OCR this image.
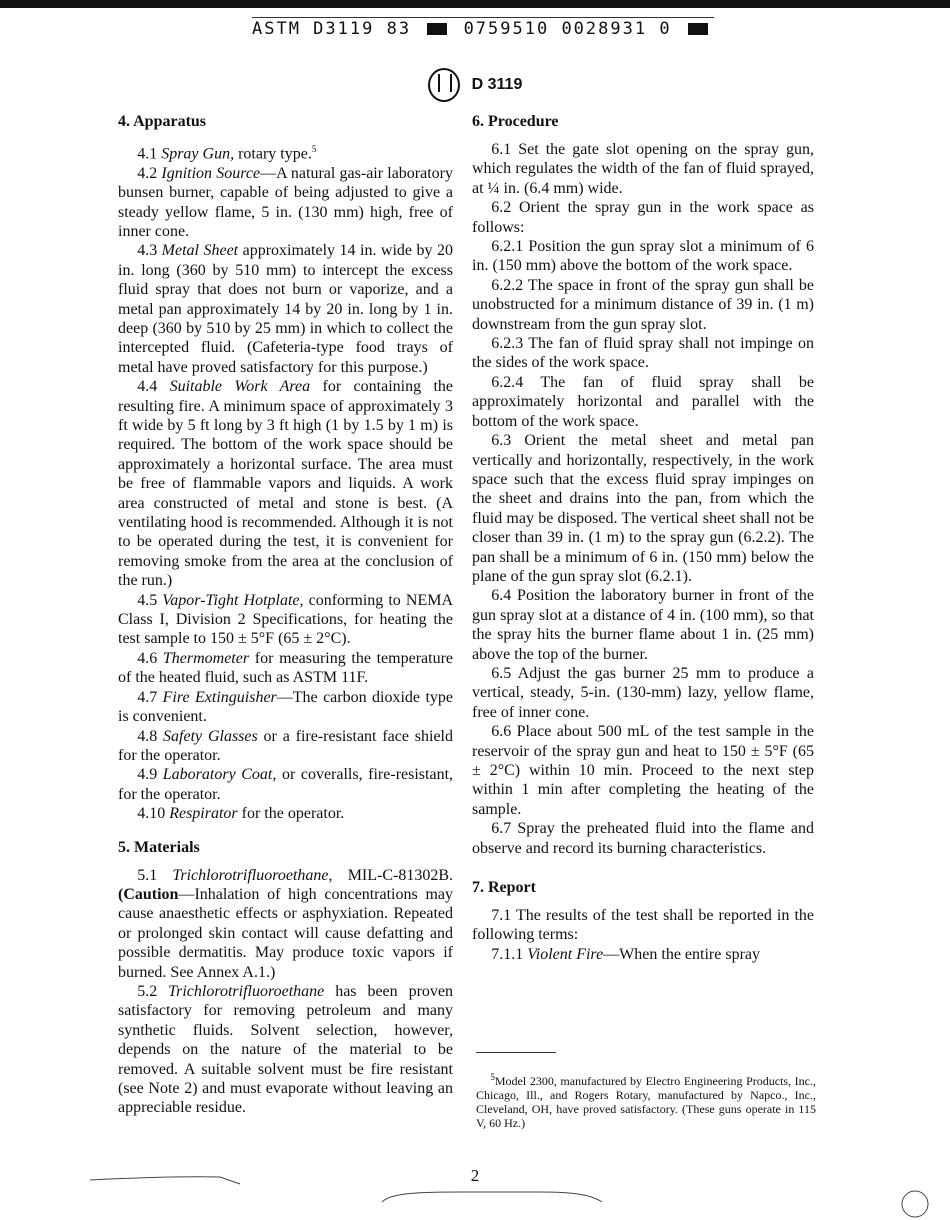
ASTM D3119 83	0759510 0028931 0
D 3119
4. Apparatus

4.1 Spray Gun, rotary type.$^5$

4.2 Ignition Source—A natural gas-air laboratory bunsen burner, capable of being adjusted to give a steady yellow flame, 5 in. (130 mm) high, free of inner cone.

4.3 Metal Sheet approximately 14 in. wide by 20 in. long (360 by 510 mm) to intercept the excess fluid spray that does not burn or vaporize, and a metal pan approximately 14 by 20 in. long by 1 in. deep (360 by 510 by 25 mm) in which to collect the intercepted fluid. (Cafeteria-type food trays of metal have proved satisfactory for this purpose.)

4.4 Suitable Work Area for containing the resulting fire. A minimum space of approximately 3 ft wide by 5 ft long by 3 ft high (1 by 1.5 by 1 m) is required. The bottom of the work space should be approximately a horizontal surface. The area must be free of flammable vapors and liquids. A work area constructed of metal and stone is best. (A ventilating hood is recommended. Although it is not to be operated during the test, it is convenient for removing smoke from the area at the conclusion of the run.)

4.5 Vapor-Tight Hotplate, conforming to NEMA Class I, Division 2 Specifications, for heating the test sample to 150 ± 5°F (65 ± 2°C).

4.6 Thermometer for measuring the temperature of the heated fluid, such as ASTM 11F.

4.7 Fire Extinguisher—The carbon dioxide type is convenient.

4.8 Safety Glasses or a fire-resistant face shield for the operator.

4.9 Laboratory Coat, or coveralls, fire-resistant, for the operator.

4.10 Respirator for the operator.

5. Materials

5.1 Trichlorotrifluoroethane, MIL-C-81302B. (Caution—Inhalation of high concentrations may cause anaesthetic effects or asphyxiation. Repeated or prolonged skin contact will cause defatting and possible dermatitis. May produce toxic vapors if burned. See Annex A.1.)

5.2 Trichlorotrifluoroethane has been proven satisfactory for removing petroleum and many synthetic fluids. Solvent selection, however, depends on the nature of the material to be removed. A suitable solvent must be fire resistant (see Note 2) and must evaporate without leaving an appreciable residue.

6. Procedure

6.1 Set the gate slot opening on the spray gun, which regulates the width of the fan of fluid sprayed, at ¼ in. (6.4 mm) wide.

6.2 Orient the spray gun in the work space as follows:

6.2.1 Position the gun spray slot a minimum of 6 in. (150 mm) above the bottom of the work space.

6.2.2 The space in front of the spray gun shall be unobstructed for a minimum distance of 39 in. (1 m) downstream from the gun spray slot.

6.2.3 The fan of fluid spray shall not impinge on the sides of the work space.

6.2.4 The fan of fluid spray shall be approximately horizontal and parallel with the bottom of the work space.

6.3 Orient the metal sheet and metal pan vertically and horizontally, respectively, in the work space such that the excess fluid spray impinges on the sheet and drains into the pan, from which the fluid may be disposed. The vertical sheet shall not be closer than 39 in. (1 m) to the spray gun (6.2.2). The pan shall be a minimum of 6 in. (150 mm) below the plane of the gun spray slot (6.2.1).

6.4 Position the laboratory burner in front of the gun spray slot at a distance of 4 in. (100 mm), so that the spray hits the burner flame about 1 in. (25 mm) above the top of the burner.

6.5 Adjust the gas burner 25 mm to produce a vertical, steady, 5-in. (130-mm) lazy, yellow flame, free of inner cone.

6.6 Place about 500 mL of the test sample in the reservoir of the spray gun and heat to 150 ± 5°F (65 ± 2°C) within 10 min. Proceed to the next step within 1 min after completing the heating of the sample.

6.7 Spray the preheated fluid into the flame and observe and record its burning characteristics.

7. Report

7.1 The results of the test shall be reported in the following terms:

7.1.1 Violent Fire—When the entire spray

$^5$Model 2300, manufactured by Electro Engineering Products, Inc., Chicago, Ill., and Rogers Rotary, manufactured by Napco., Inc., Cleveland, OH, have proved satisfactory. (These guns operate in 115 V, 60 Hz.)
2
